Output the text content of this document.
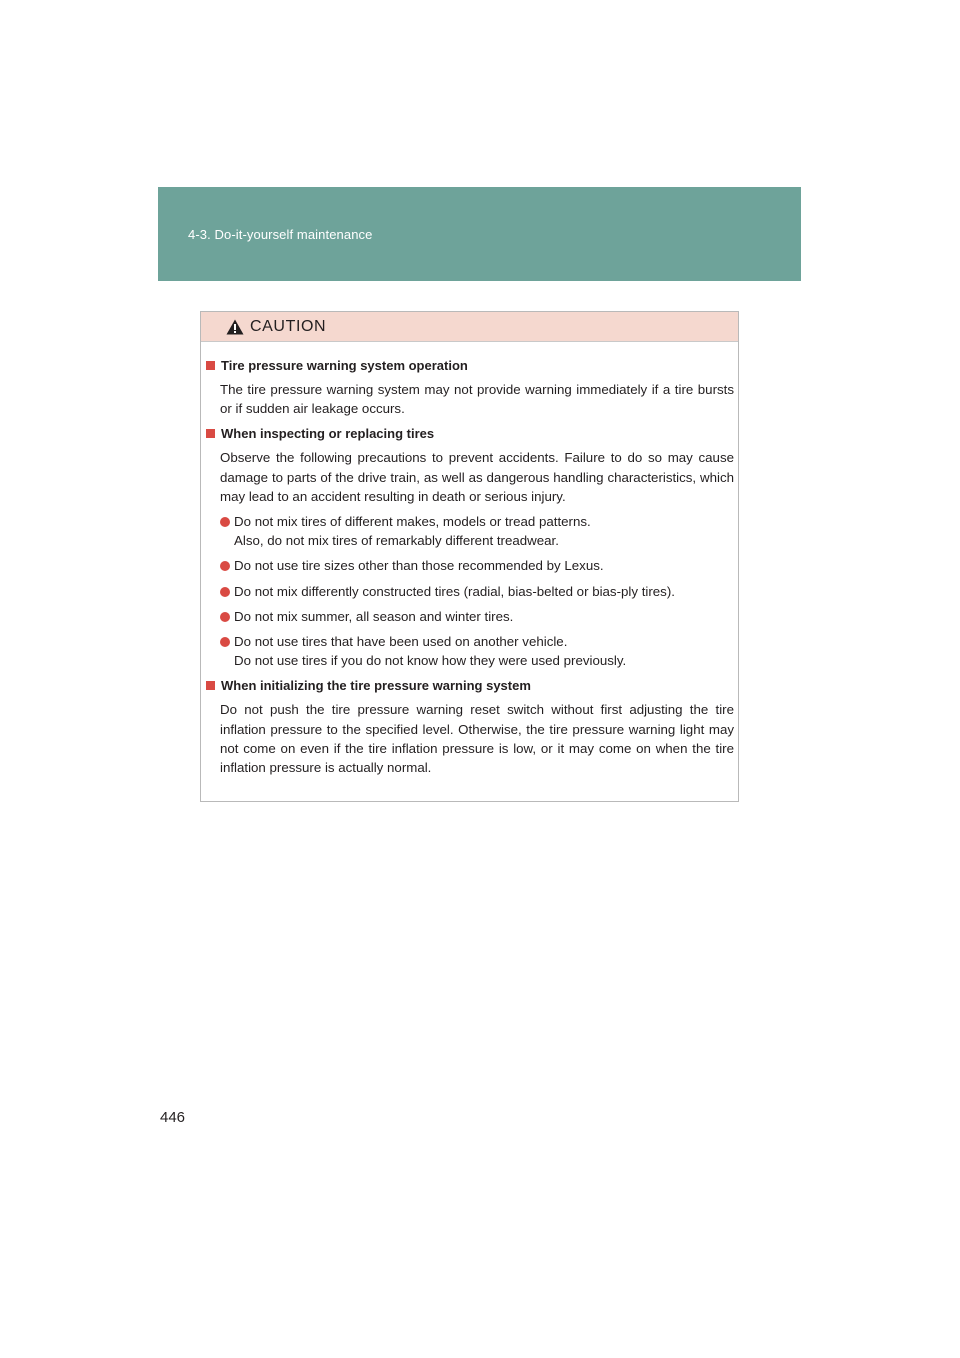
4-3. Do-it-yourself maintenance
CAUTION
Tire pressure warning system operation

The tire pressure warning system may not provide warning immediately if a tire bursts or if sudden air leakage occurs.

When inspecting or replacing tires

Observe the following precautions to prevent accidents. Failure to do so may cause damage to parts of the drive train, as well as dangerous handling characteristics, which may lead to an accident resulting in death or serious injury.

Do not mix tires of different makes, models or tread patterns.
Also, do not mix tires of remarkably different treadwear.
Do not use tire sizes other than those recommended by Lexus.
Do not mix differently constructed tires (radial, bias-belted or bias-ply tires).
Do not mix summer, all season and winter tires.
Do not use tires that have been used on another vehicle.
Do not use tires if you do not know how they were used previously.
When initializing the tire pressure warning system

Do not push the tire pressure warning reset switch without first adjusting the tire inflation pressure to the specified level. Otherwise, the tire pressure warning light may not come on even if the tire inflation pressure is low, or it may come on when the tire inflation pressure is actually normal.

446
